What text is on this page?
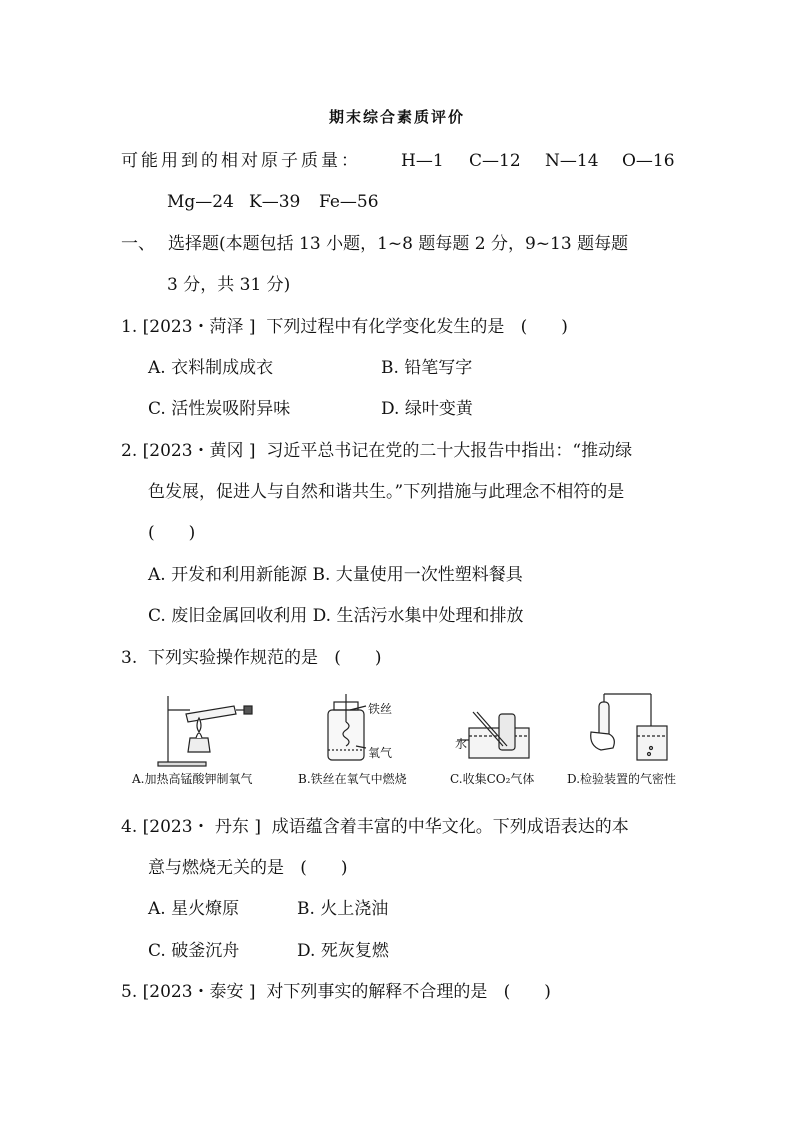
期末综合素质评价
可能用到的相对原子质量： H—1 C—12 N—14 O—16
Mg—24 K—39 Fe—56
一、 选择题(本题包括 13 小题，1~8 题每题 2 分，9~13 题每题
3 分，共 31 分)
1. [2023・菏泽 ] 下列过程中有化学变化发生的是 (　　)
A. 衣料制成成衣	B. 铅笔写字
C. 活性炭吸附异味	D. 绿叶变黄
2. [2023・黄冈 ] 习近平总书记在党的二十大报告中指出：“推动绿
色发展，促进人与自然和谐共生。”下列措施与此理念不相符的是
(　　)
A. 开发和利用新能源 B. 大量使用一次性塑料餐具
C. 废旧金属回收利用 D. 生活污水集中处理和排放
3. 下列实验操作规范的是 (　　)
A.加热高锰酸钾制氧气
铁丝
氧气
B.铁丝在氧气中燃烧
水
C.收集CO₂气体	D.检验装置的气密性
4. [2023・ 丹东 ] 成语蕴含着丰富的中华文化。下列成语表达的本
意与燃烧无关的是 (　　)
A. 星火燎原	B. 火上浇油
C. 破釜沉舟	D. 死灰复燃
5. [2023・泰安 ] 对下列事实的解释不合理的是 (　　)
